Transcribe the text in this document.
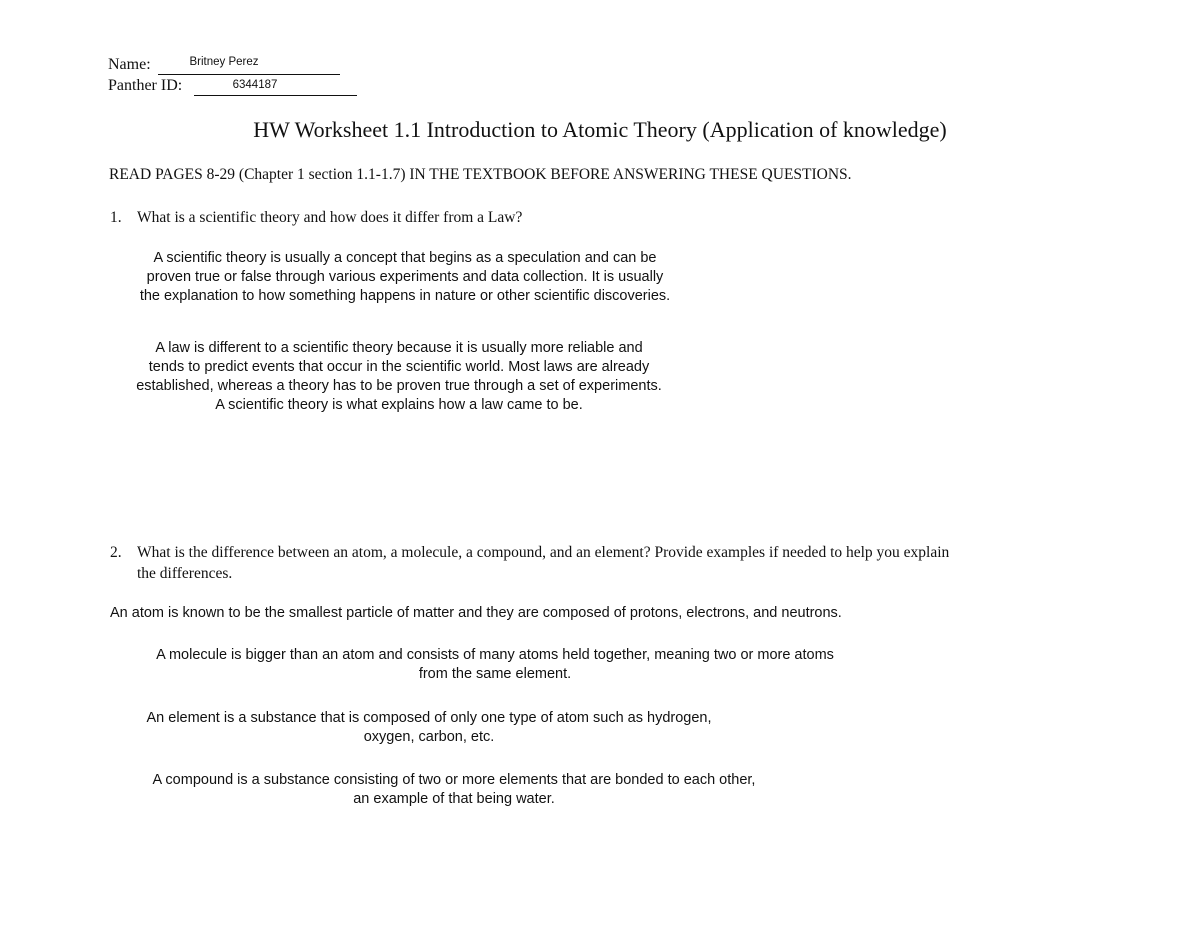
Name:	Britney Perez
Panther ID:	6344187
HW Worksheet 1.1 Introduction to Atomic Theory (Application of knowledge)
READ PAGES 8-29 (Chapter 1 section 1.1-1.7) IN THE TEXTBOOK BEFORE ANSWERING THESE QUESTIONS.
1. What is a scientific theory and how does it differ from a Law?
A scientific theory is usually a concept that begins as a speculation and can be
proven true or false through various experiments and data collection. It is usually
the explanation to how something happens in nature or other scientific discoveries.
A law is different to a scientific theory because it is usually more reliable and
tends to predict events that occur in the scientific world. Most laws are already
established, whereas a theory has to be proven true through a set of experiments.
A scientific theory is what explains how a law came to be.
2. What is the difference between an atom, a molecule, a compound, and an element? Provide examples if needed to help you explain
the differences.
An atom is known to be the smallest particle of matter and they are composed of protons, electrons, and neutrons.
A molecule is bigger than an atom and consists of many atoms held together, meaning two or more atoms
from the same element.
An element is a substance that is composed of only one type of atom such as hydrogen,
oxygen, carbon, etc.
A compound is a substance consisting of two or more elements that are bonded to each other,
an example of that being water.
